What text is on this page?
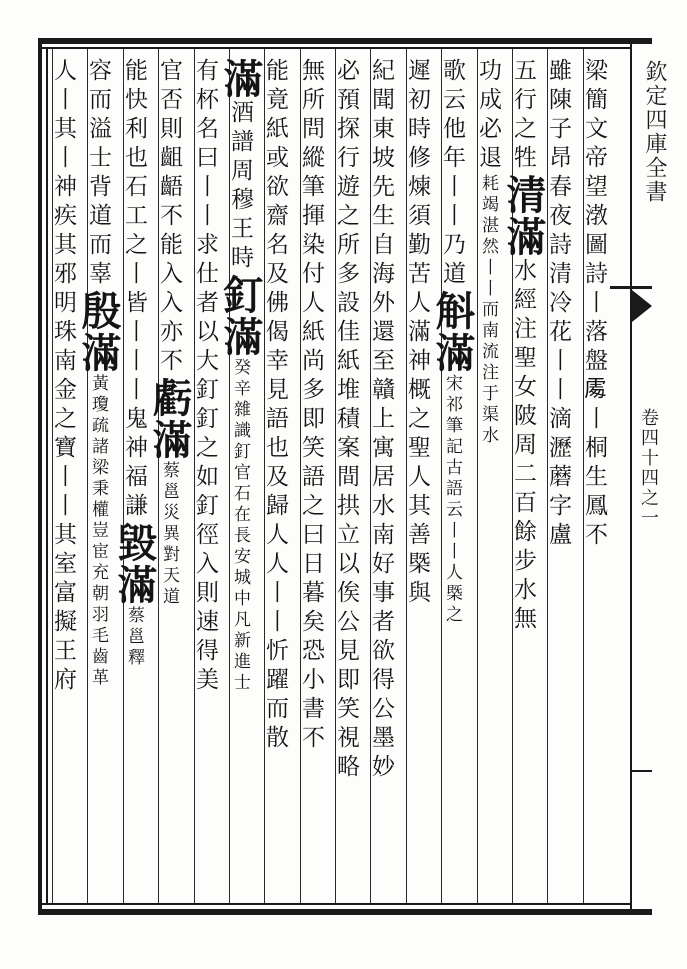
欽定四庫全書
卷四十四之一
梁簡文帝望㴾圖詩丨落盤𠁅丨桐生鳳不
雖陳子昂春夜詩清冷花丨丨滴瀝蘑字盧
五行之牲清滿水經注聖女陂周二百餘步水無
功成必退耗竭湛然丨丨而南流注于渠水
歌云他年丨丨乃道斛滿宋祁筆記古語云丨丨人槩之
遲初時修煉須勤苦人滿神概之聖人其善槩與
紀聞東坡先生自海外還至贛上寓居水南好事者欲得公墨妙
必預探行遊之所多設佳紙堆積案間拱立以俟公見即笑視略
無所問縱筆揮染付人紙尚多即笑語之曰日暮矣恐小書不
能竟紙或欲齋名及佛偈幸見語也及歸人人丨丨忻躍而散
滿酒譜周穆王時釘滿癸辛雜識釘官石在長安城中凡新進士
有杯名曰丨丨求仕者以大釘釘之如釘徑入則速得美
官否則齟齬不能入入亦不虧滿蔡邕災異對天道
能快利也石工之丨皆丨丨丨鬼神福謙毀滿蔡邕釋
容而溢士背道而辜殷滿黃瓊疏諸梁秉權豈宦充朝羽毛齒革
人丨其丨神疾其邪明珠南金之寶丨丨其室富擬王府
